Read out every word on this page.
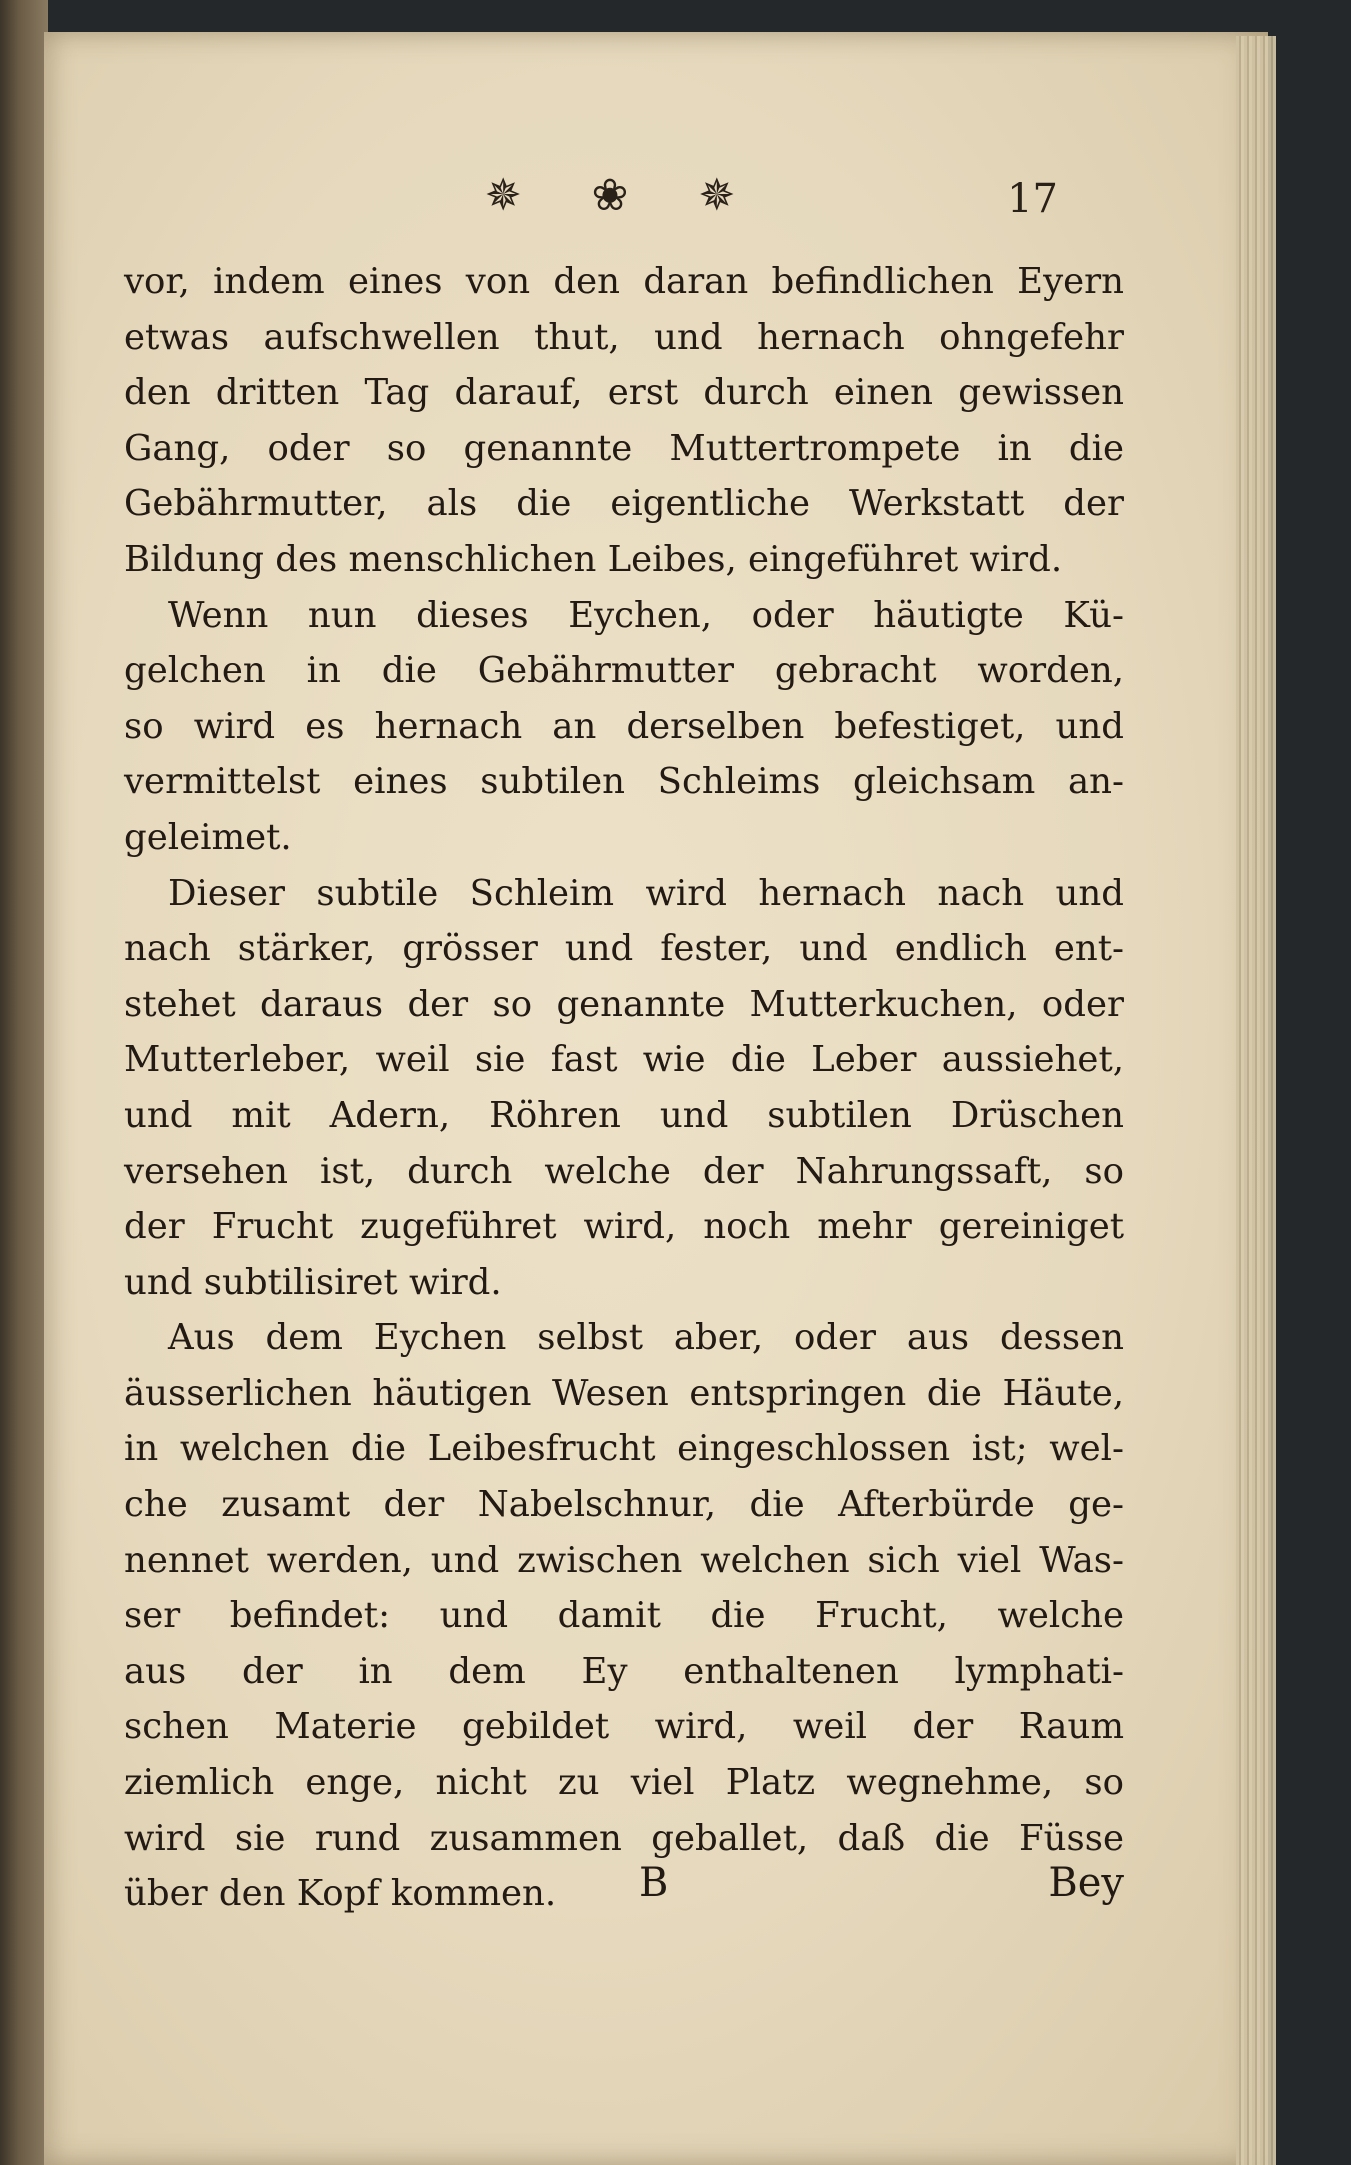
✵ ❀ ✵	17
vor, indem eines von den daran befindlichen Eyern
etwas aufschwellen thut, und hernach ohngefehr
den dritten Tag darauf, erst durch einen gewissen
Gang, oder so genannte Muttertrompete in die
Gebährmutter, als die eigentliche Werkstatt der
Bildung des menschlichen Leibes, eingeführet wird.
Wenn nun dieses Eychen, oder häutigte Kü-
gelchen in die Gebährmutter gebracht worden,
so wird es hernach an derselben befestiget, und
vermittelst eines subtilen Schleims gleichsam an-
geleimet.
Dieser subtile Schleim wird hernach nach und
nach stärker, grösser und fester, und endlich ent-
stehet daraus der so genannte Mutterkuchen, oder
Mutterleber, weil sie fast wie die Leber aussiehet,
und mit Adern, Röhren und subtilen Drüschen
versehen ist, durch welche der Nahrungssaft, so
der Frucht zugeführet wird, noch mehr gereiniget
und subtilisiret wird.
Aus dem Eychen selbst aber, oder aus dessen
äusserlichen häutigen Wesen entspringen die Häute,
in welchen die Leibesfrucht eingeschlossen ist; wel-
che zusamt der Nabelschnur, die Afterbürde ge-
nennet werden, und zwischen welchen sich viel Was-
ser befindet: und damit die Frucht, welche
aus der in dem Ey enthaltenen lymphati-
schen Materie gebildet wird, weil der Raum
ziemlich enge, nicht zu viel Platz wegnehme, so
wird sie rund zusammen geballet, daß die Füsse
über den Kopf kommen.	B	Bey
